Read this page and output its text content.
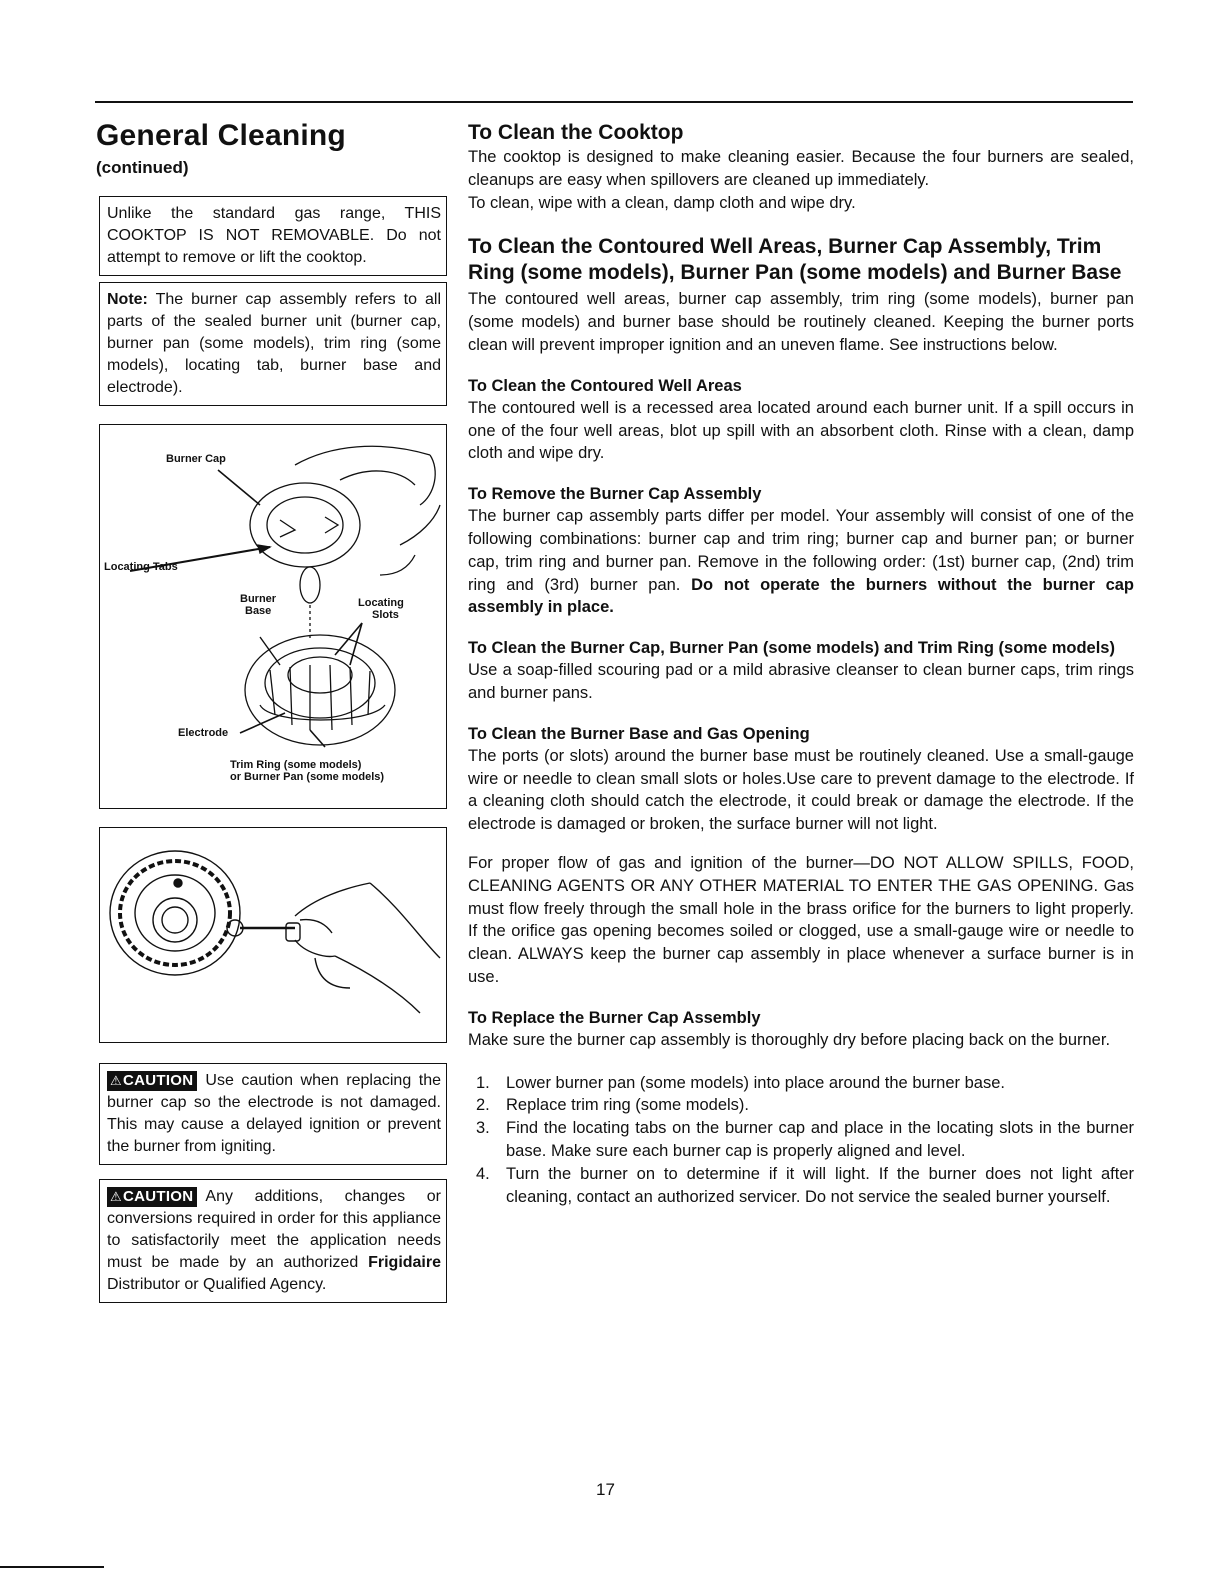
General Cleaning

(continued)

Unlike the standard gas range, THIS COOKTOP IS NOT REMOVABLE. Do not attempt to remove or lift the cooktop.
Note: The burner cap assembly refers to all parts of the sealed burner unit (burner cap, burner pan (some models), trim ring (some models), locating tab, burner base and electrode).
Burner Cap
Locating Tabs
Burner
Base
Locating
Slots
Electrode
Trim Ring (some models)
or Burner Pan (some models)
⚠CAUTION Use caution when replacing the burner cap so the electrode is not damaged. This may cause a delayed ignition or prevent the burner from igniting.
⚠CAUTION Any additions, changes or conversions required in order for this appliance to satisfactorily meet the application needs must be made by an authorized Frigidaire Distributor or Qualified Agency.
To Clean the Cooktop

The cooktop is designed to make cleaning easier. Because the four burners are sealed, cleanups are easy when spillovers are cleaned up immediately.

To clean, wipe with a clean, damp cloth and wipe dry.

To Clean the Contoured Well Areas, Burner Cap Assembly, Trim Ring (some models), Burner Pan (some models) and Burner Base

The contoured well areas, burner cap assembly, trim ring (some models), burner pan (some models) and burner base should be routinely cleaned. Keeping the burner ports clean will prevent improper ignition and an uneven flame. See instructions below.

To Clean the Contoured Well Areas

The contoured well is a recessed area located around each burner unit. If a spill occurs in one of the four well areas, blot up spill with an absorbent cloth. Rinse with a clean, damp cloth and wipe dry.

To Remove the Burner Cap Assembly

The burner cap assembly parts differ per model. Your assembly will consist of one of the following combinations: burner cap and trim ring; burner cap and burner pan; or burner cap, trim ring and burner pan. Remove in the following order: (1st) burner cap, (2nd) trim ring and (3rd) burner pan. Do not operate the burners without the burner cap assembly in place.

To Clean the Burner Cap, Burner Pan (some models) and Trim Ring (some models)

Use a soap-filled scouring pad or a mild abrasive cleanser to clean burner caps, trim rings and burner pans.

To Clean the Burner Base and Gas Opening

The ports (or slots) around the burner base must be routinely cleaned. Use a small-gauge wire or needle to clean small slots or holes.Use care to prevent damage to the electrode. If a cleaning cloth should catch the electrode, it could break or damage the electrode. If the electrode is damaged or broken, the surface burner will not light.

For proper flow of gas and ignition of the burner—DO NOT ALLOW SPILLS, FOOD, CLEANING AGENTS OR ANY OTHER MATERIAL TO ENTER THE GAS OPENING. Gas must flow freely through the small hole in the brass orifice for the burners to light properly. If the orifice gas opening becomes soiled or clogged, use a small-gauge wire or needle to clean. ALWAYS keep the burner cap assembly in place whenever a surface burner is in use.

To Replace the Burner Cap Assembly

Make sure the burner cap assembly is thoroughly dry before placing back on the burner.

1. Lower burner pan (some models) into place around the burner base.
2. Replace trim ring (some models).
3. Find the locating tabs on the burner cap and place in the locating slots in the burner base. Make sure each burner cap is properly aligned and level.
4. Turn the burner on to determine if it will light. If the burner does not light after cleaning, contact an authorized servicer. Do not service the sealed burner yourself.
17
